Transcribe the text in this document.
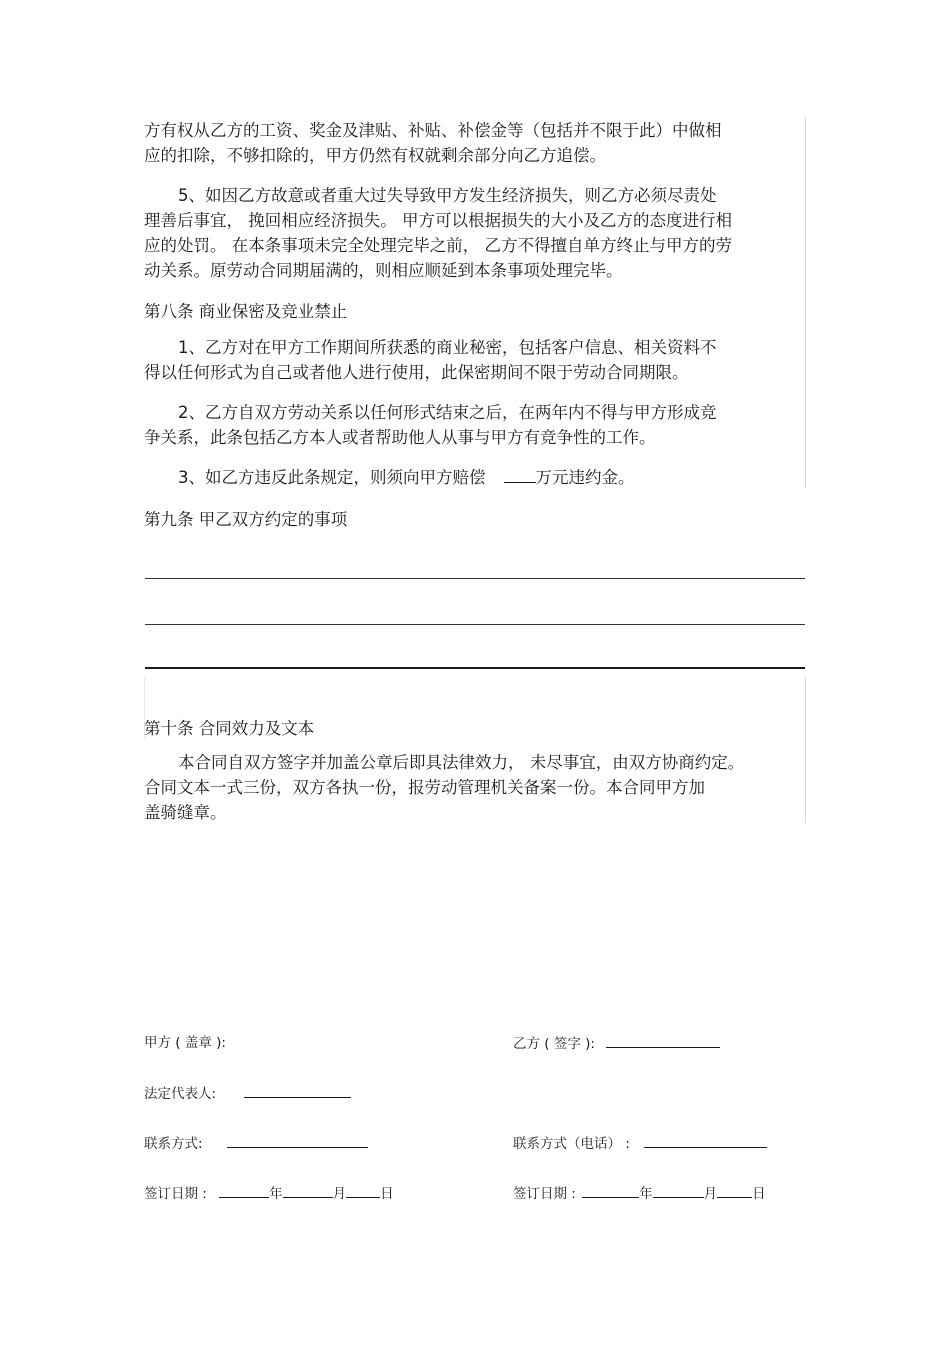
方有权从乙方的工资、奖金及津贴、补贴、补偿金等（包括并不限于此）中做相
应的扣除，不够扣除的，甲方仍然有权就剩余部分向乙方追偿。
5、如因乙方故意或者重大过失导致甲方发生经济损失，则乙方必须尽责处
理善后事宜， 挽回相应经济损失。 甲方可以根据损失的大小及乙方的态度进行相
应的处罚。 在本条事项未完全处理完毕之前， 乙方不得擅自单方终止与甲方的劳
动关系。原劳动合同期届满的，则相应顺延到本条事项处理完毕。
第八条 商业保密及竞业禁止
1、乙方对在甲方工作期间所获悉的商业秘密，包括客户信息、相关资料不
得以任何形式为自己或者他人进行使用，此保密期间不限于劳动合同期限。
2、乙方自双方劳动关系以任何形式结束之后，在两年内不得与甲方形成竞
争关系，此条包括乙方本人或者帮助他人从事与甲方有竞争性的工作。
3、如乙方违反此条规定，则须向甲方赔偿	万元违约金。
第九条 甲乙双方约定的事项
第十条 合同效力及文本
本合同自双方签字并加盖公章后即具法律效力， 未尽事宜，由双方协商约定。
合同文本一式三份，双方各执一份，报劳动管理机关备案一份。本合同甲方加
盖骑缝章。
甲方 ( 盖章 ):	乙方 ( 签字 ):
法定代表人:
联系方式:	联系方式（电话） :
签订日期 :	年	月	日	签订日期 :	年	月	日
